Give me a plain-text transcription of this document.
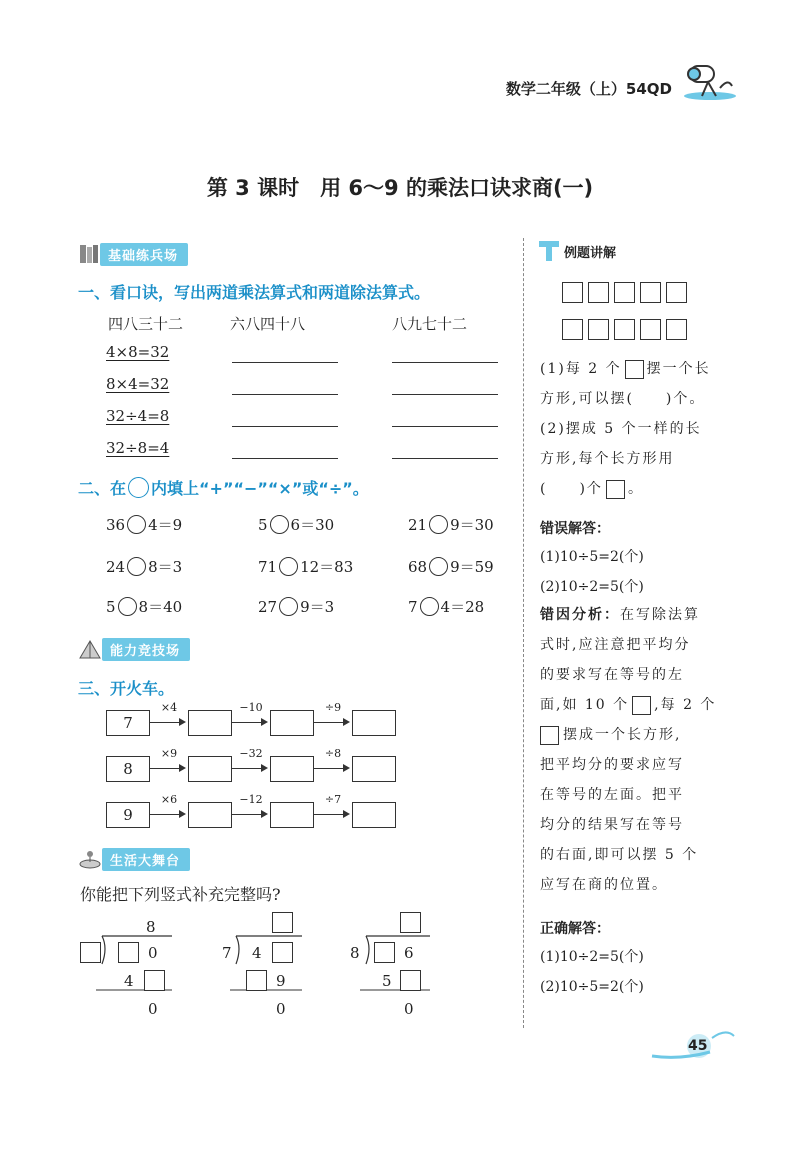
数学二年级（上）54QD
第 3 课时　用 6～9 的乘法口诀求商(一)
基础练兵场
一、看口诀，写出两道乘法算式和两道除法算式。
四八三十二	六八四十八	八九七十二
4×8=32
8×4=32
32÷4=8
32÷8=4
二、在 内填上“+”“−”“×”或“÷”。
36 4＝9	5 6＝30	21 9＝30
24 8＝3	71 12＝83	68 9＝59
5 8＝40	27 9＝3	7 4＝28
能力竞技场
三、开火车。
7
×4	−10	÷9
8
×9	−32	÷8
9
×6	−12	÷7
生活大舞台
你能把下列竖式补充完整吗?
8
0
4
0
7 4
9
0
8	6
5
0
例题讲解
(1)每 2 个 摆一个长
方形,可以摆(　　)个。
(2)摆成 5 个一样的长
方形,每个长方形用
(　　)个 。
错误解答：
(1)10÷5=2(个)
(2)10÷2=5(个)
错因分析：在写除法算
式时,应注意把平均分
的要求写在等号的左
面,如 10 个 ,每 2 个
摆成一个长方形,
把平均分的要求应写
在等号的左面。把平
均分的结果写在等号
的右面,即可以摆 5 个
应写在商的位置。
正确解答：
(1)10÷2=5(个)
(2)10÷5=2(个)
45
